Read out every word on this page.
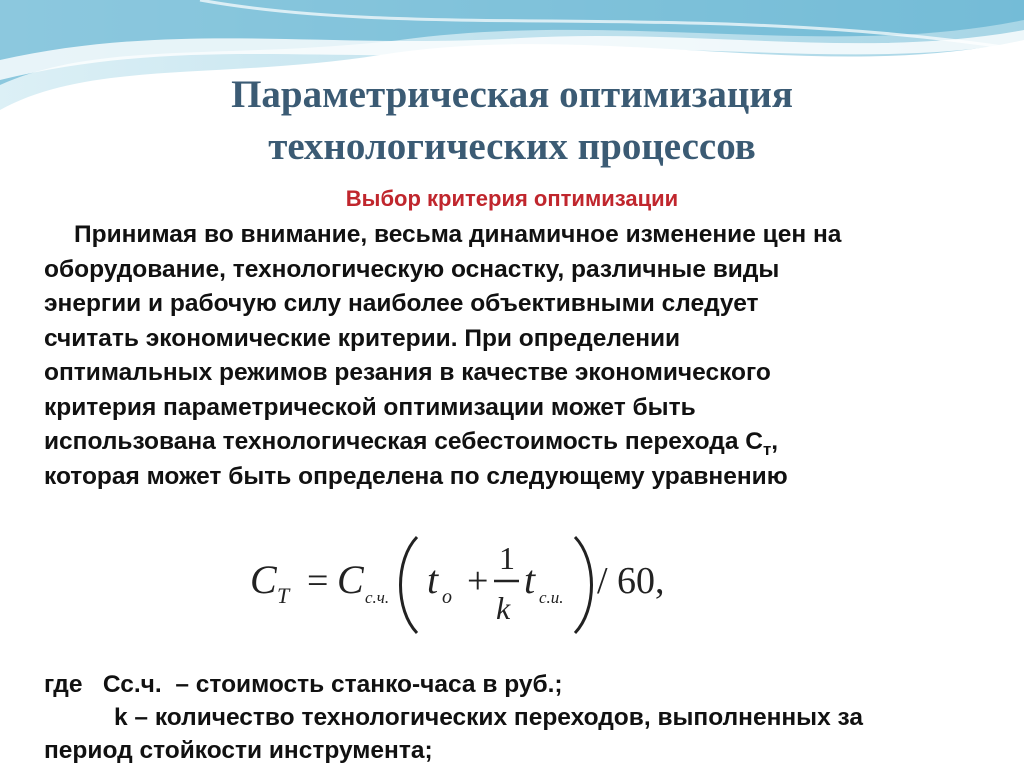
Параметрическая оптимизация
технологических процессов
Выбор критерия оптимизации
Принимая во внимание, весьма динамичное изменение цен на
оборудование, технологическую оснастку, различные виды
энергии и рабочую силу наиболее объективными следует
считать экономические критерии. При определении
оптимальных режимов резания в качестве экономического
критерия параметрической оптимизации может быть
использована технологическая себестоимость перехода $С_т$,
которая может быть определена по следующему уравнению
C T = C с.ч. t о +
1
k
t с.и. / 60,
где Сс.ч. – стоимость станко-часа в руб.;
k – количество технологических переходов, выполненных за
период стойкости инструмента;
